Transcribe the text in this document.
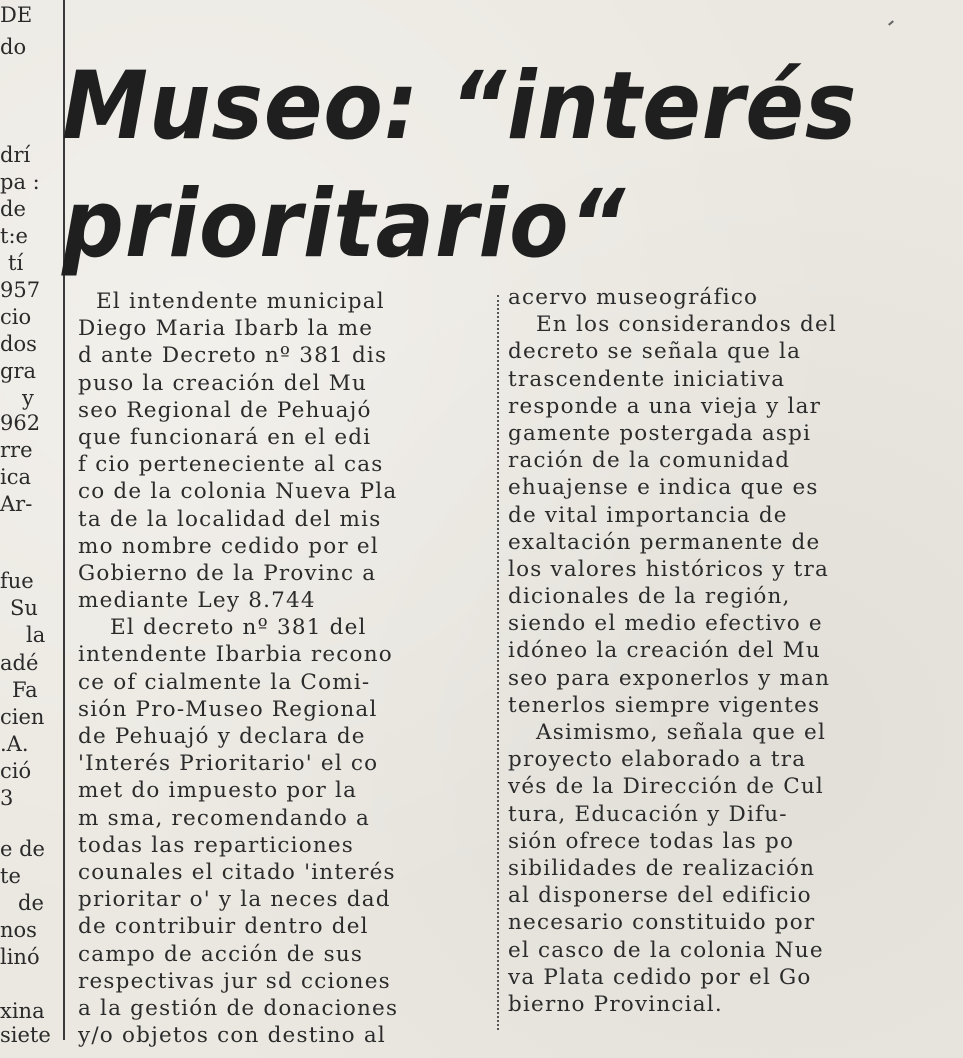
DE
do
drí
pa :
de
t:e
tí
957
cio
dos
gra
y
962
rre
ica
Ar-
fue
Su
la
adé
Fa
cien
.A.
ció
3
e de
te
de
nos
linó
xina
siete
Museo: “interés
prioritario“
El intendente municipal
Diego Maria Ibarb la me
d ante Decreto nº 381 dis
puso la creación del Mu
seo Regional de Pehuajó
que funcionará en el edi
f cio perteneciente al cas
co de la colonia Nueva Pla
ta de la localidad del mis
mo nombre cedido por el
Gobierno de la Provinc a
mediante Ley 8.744
El decreto nº 381 del
intendente Ibarbia recono
ce of cialmente la Comi-
sión Pro-Museo Regional
de Pehuajó y declara de
'Interés Prioritario' el co
met do impuesto por la
m sma, recomendando a
todas las reparticiones
counales el citado 'interés
prioritar o' y la neces dad
de contribuir dentro del
campo de acción de sus
respectivas jur sd cciones
a la gestión de donaciones
y/o objetos con destino al
acervo museográfico
En los considerandos del
decreto se señala que la
trascendente iniciativa
responde a una vieja y lar
gamente postergada aspi
ración de la comunidad
ehuajense e indica que es
de vital importancia de
exaltación permanente de
los valores históricos y tra
dicionales de la región,
siendo el medio efectivo e
idóneo la creación del Mu
seo para exponerlos y man
tenerlos siempre vigentes
Asimismo, señala que el
proyecto elaborado a tra
vés de la Dirección de Cul
tura, Educación y Difu-
sión ofrece todas las po
sibilidades de realización
al disponerse del edificio
necesario constituido por
el casco de la colonia Nue
va Plata cedido por el Go
bierno Provincial.
